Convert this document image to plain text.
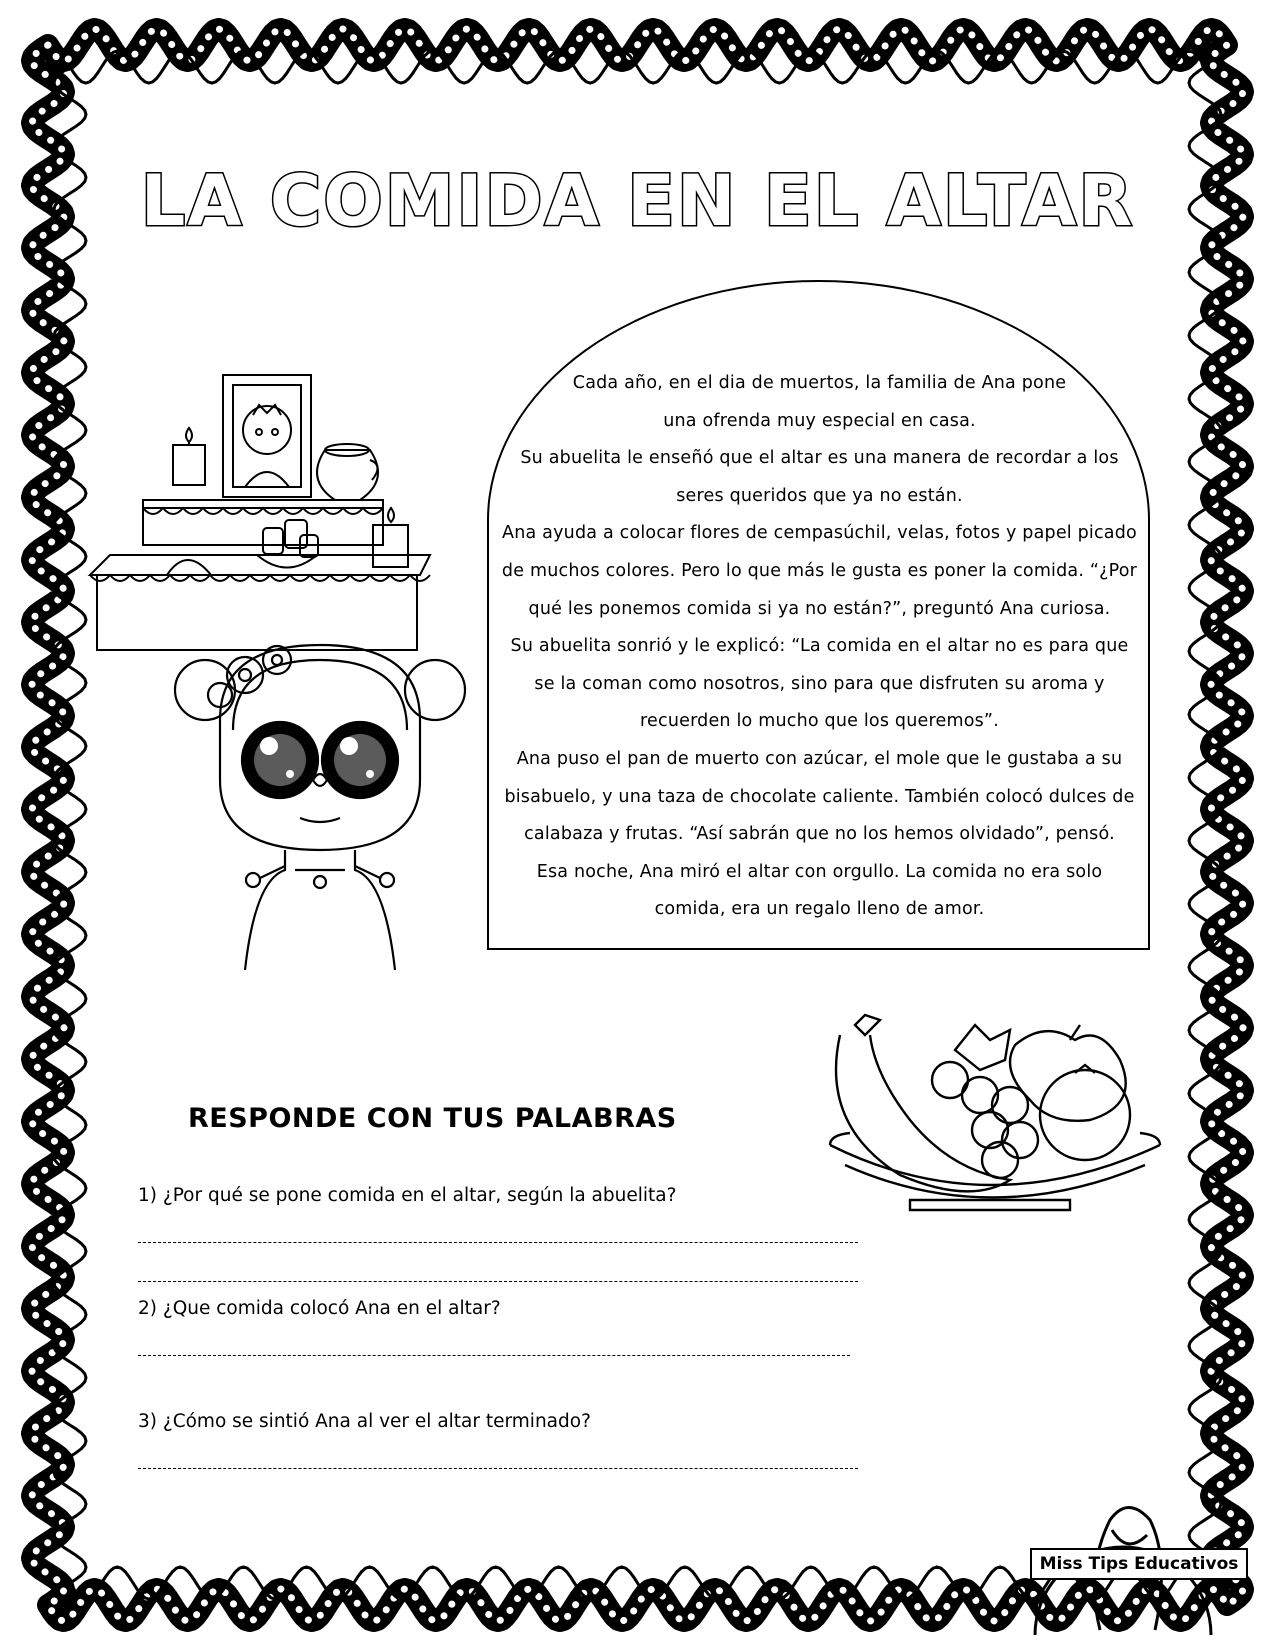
LA COMIDA EN EL ALTAR
Cada año, en el dia de muertos, la familia de Ana pone
una ofrenda muy especial en casa.
Su abuelita le enseñó que el altar es una manera de recordar a los
seres queridos que ya no están.
Ana ayuda a colocar flores de cempasúchil, velas, fotos y papel picado
de muchos colores. Pero lo que más le gusta es poner la comida. “¿Por
qué les ponemos comida si ya no están?”, preguntó Ana curiosa.
Su abuelita sonrió y le explicó: “La comida en el altar no es para que
se la coman como nosotros, sino para que disfruten su aroma y
recuerden lo mucho que los queremos”.
Ana puso el pan de muerto con azúcar, el mole que le gustaba a su
bisabuelo, y una taza de chocolate caliente. También colocó dulces de
calabaza y frutas. “Así sabrán que no los hemos olvidado”, pensó.
Esa noche, Ana miró el altar con orgullo. La comida no era solo
comida, era un regalo lleno de amor.
RESPONDE CON TUS PALABRAS
1) ¿Por qué se pone comida en el altar, según la abuelita?
2) ¿Que comida colocó Ana en el altar?
3) ¿Cómo se sintió Ana al ver el altar terminado?
Miss Tips Educativos
